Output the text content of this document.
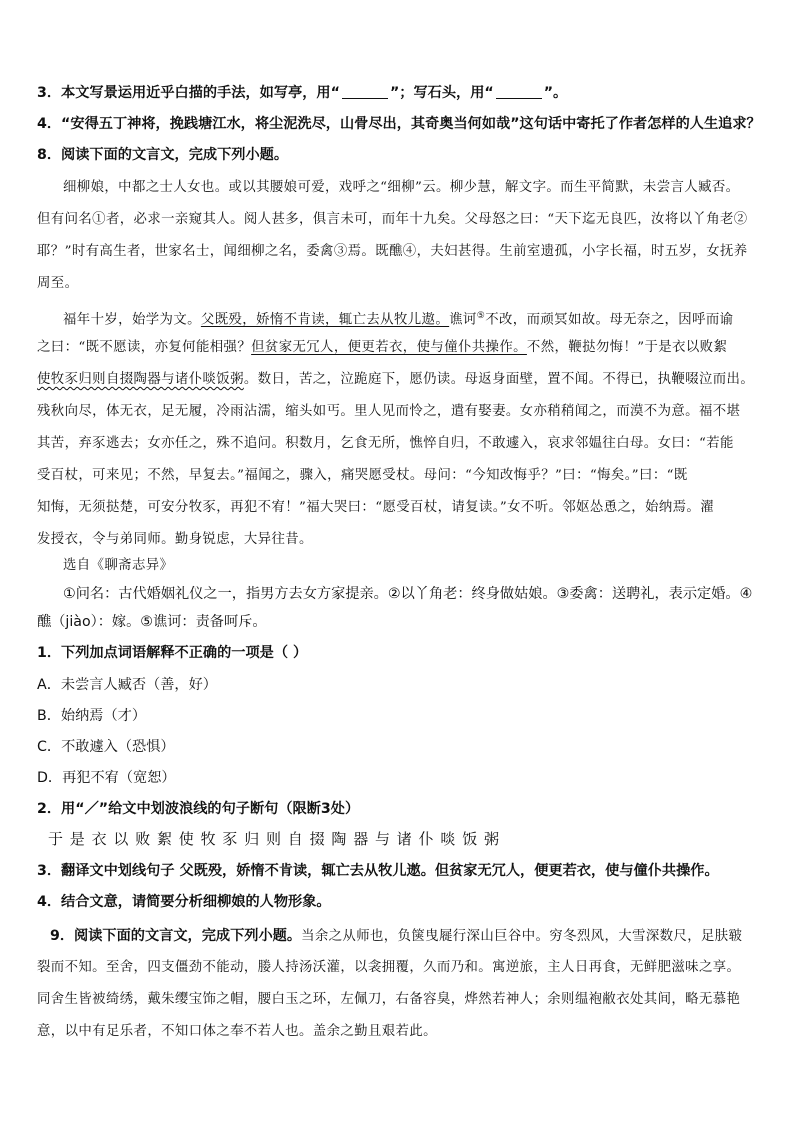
3．本文写景运用近乎白描的手法，如写亭，用“	”；写石头，用“	”。
4．“安得五丁神将，挽践塘江水，将尘泥洗尽，山骨尽出，其奇奥当何如哉”这句话中寄托了作者怎样的人生追求？
8．阅读下面的文言文，完成下列小题。
细柳娘，中都之士人女也。或以其腰娘可爱，戏呼之“细柳”云。柳少慧，解文字。而生平简默，未尝言人臧否。
但有问名①者，必求一亲窥其人。阅人甚多，俱言未可，而年十九矣。父母怒之曰：“天下迄无良匹，汝将以丫角老②
耶？”时有高生者，世家名士，闻细柳之名，委禽③焉。既醮④，夫妇甚得。生前室遗孤，小字长福，时五岁，女抚养
周至。
福年十岁，始学为文。父既殁，娇惰不肯读，辄亡去从牧儿遨。谯诃⑤不改，而顽冥如故。母无奈之，因呼而谕
之曰：“既不愿读，亦复何能相强？但贫家无冗人，便更若衣，使与僮仆共操作。不然，鞭挞勿悔！”于是衣以败絮
使牧豕归则自掇陶器与诸仆啖饭粥。数日，苦之，泣跪庭下，愿仍读。母返身面壁，置不闻。不得已，执鞭啜泣而出。
残秋向尽，体无衣，足无履，冷雨沾濡，缩头如丐。里人见而怜之，遣有娶妻。女亦稍稍闻之，而漠不为意。福不堪
其苦，弃豕逃去；女亦任之，殊不追问。积数月，乞食无所，憔悴自归，不敢遽入，哀求邻媪往白母。女曰：“若能
受百杖，可来见；不然，早复去。”福闻之，骤入，痛哭愿受杖。母问：“今知改悔乎？”曰：“悔矣。”曰：“既
知悔，无须挞楚，可安分牧豕，再犯不宥！”福大哭曰：“愿受百杖，请复读。”女不听。邻妪怂恿之，始纳焉。濯
发授衣，令与弟同师。勤身锐虑，大异往昔。
选自《聊斋志异》
①问名：古代婚姻礼仪之一，指男方去女方家提亲。②以丫角老：终身做姑娘。③委禽：送聘礼，表示定婚。④
醮（jiào）：嫁。⑤谯诃：责备呵斥。
1．下列加点词语解释不正确的一项是（ ）
A．未尝言人臧否（善，好）
B．始纳焉（才）
C．不敢遽入（恐惧）
D．再犯不宥（宽恕）
2．用“／”给文中划波浪线的句子断句（限断3处）
于是衣以败絮使牧豕归则自掇陶器与诸仆啖饭粥
3．翻译文中划线句子 父既殁，娇惰不肯读，辄亡去从牧儿遨。但贫家无冗人，便更若衣，使与僮仆共操作。
4．结合文意，请简要分析细柳娘的人物形象。
9．阅读下面的文言文，完成下列小题。当余之从师也，负箧曳屣行深山巨谷中。穷冬烈风，大雪深数尺，足肤皲
裂而不知。至舍，四支僵劲不能动，媵人持汤沃灌，以衾拥覆，久而乃和。寓逆旅，主人日再食，无鲜肥滋味之享。
同舍生皆被绮绣，戴朱缨宝饰之帽，腰白玉之环，左佩刀，右备容臭，烨然若神人；余则缊袍敝衣处其间，略无慕艳
意，以中有足乐者，不知口体之奉不若人也。盖余之勤且艰若此。
